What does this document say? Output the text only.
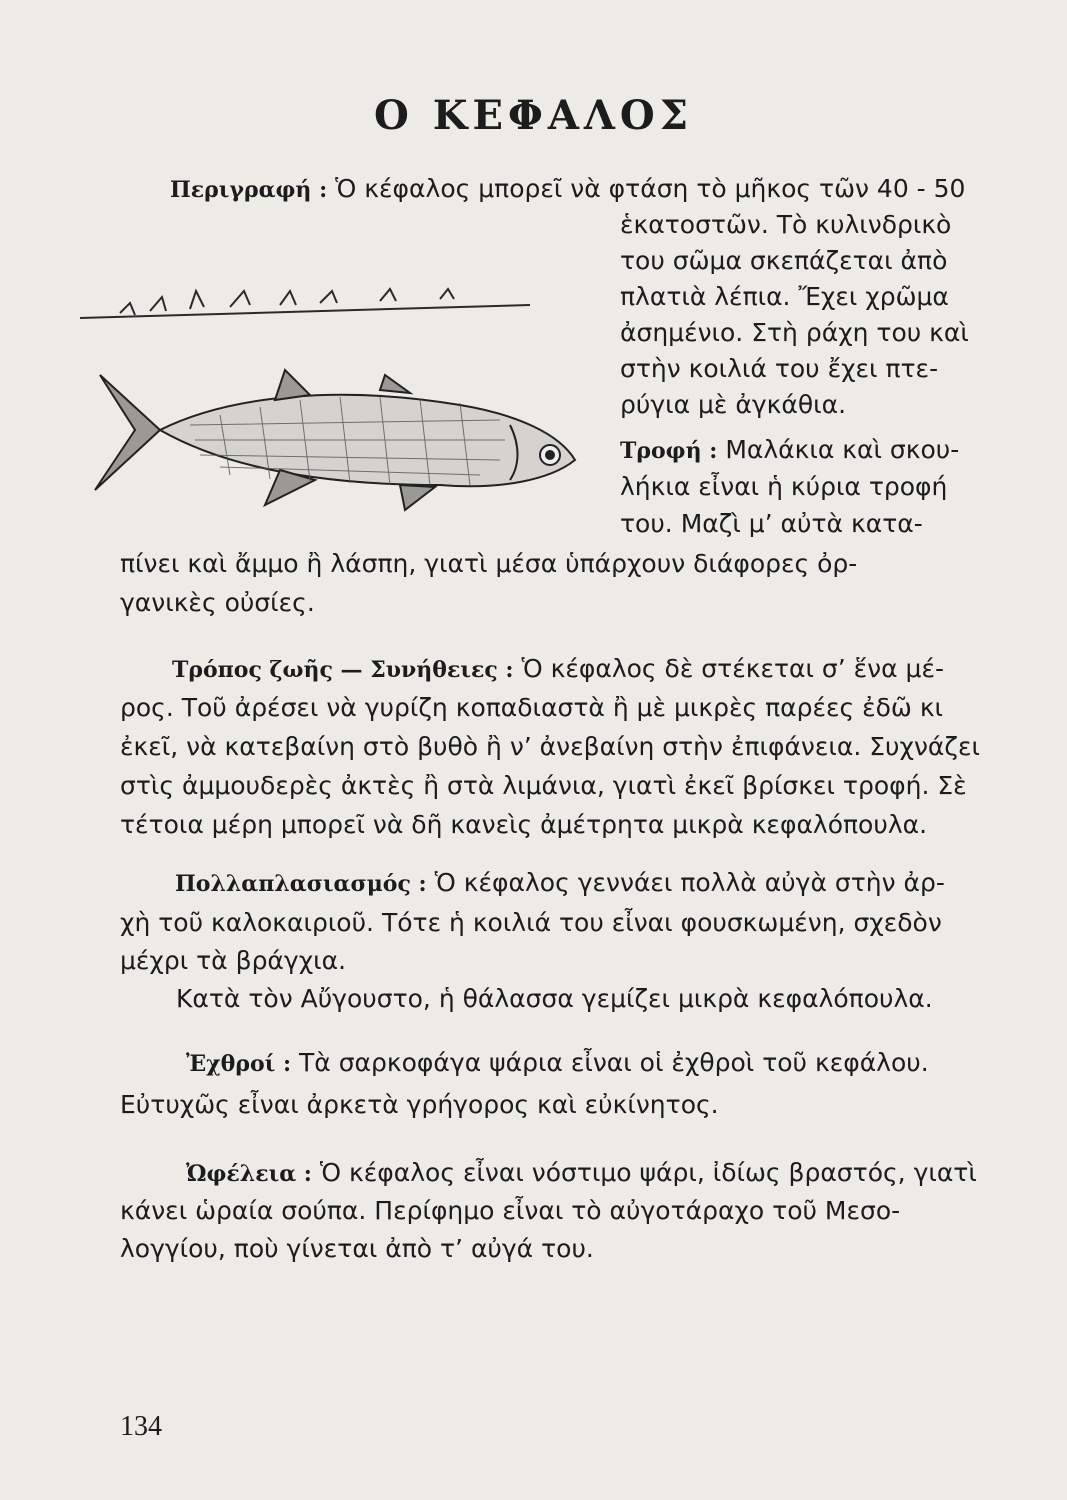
Ο ΚΕΦΑΛΟΣ
Περιγραφή : Ὁ κέφαλος μπορεῖ νὰ φτάση τὸ μῆκος τῶν 40 - 50
ἑκατοστῶν. Τὸ κυλινδρικὸ
του σῶμα σκεπάζεται ἀπὸ
πλατιὰ λέπια. Ἔχει χρῶμα
ἀσημένιο. Στὴ ράχη του καὶ
στὴν κοιλιά του ἔχει πτε-
ρύγια μὲ ἀγκάθια.
Τροφή : Μαλάκια καὶ σκου-
λήκια εἶναι ἡ κύρια τροφή
του. Μαζὶ μ’ αὐτὰ κατα-
πίνει καὶ ἄμμο ἢ λάσπη, γιατὶ μέσα ὑπάρχουν διάφορες ὀρ-
γανικὲς οὐσίες.
Τρόπος ζωῆς — Συνήθειες : Ὁ κέφαλος δὲ στέκεται σ’ ἕνα μέ-
ρος. Τοῦ ἀρέσει νὰ γυρίζη κοπαδιαστὰ ἢ μὲ μικρὲς παρέες ἐδῶ κι
ἐκεῖ, νὰ κατεβαίνη στὸ βυθὸ ἢ ν’ ἀνεβαίνη στὴν ἐπιφάνεια. Συχνάζει
στὶς ἀμμουδερὲς ἀκτὲς ἢ στὰ λιμάνια, γιατὶ ἐκεῖ βρίσκει τροφή. Σὲ
τέτοια μέρη μπορεῖ νὰ δῆ κανεὶς ἀμέτρητα μικρὰ κεφαλόπουλα.
Πολλαπλασιασμός : Ὁ κέφαλος γεννάει πολλὰ αὐγὰ στὴν ἀρ-
χὴ τοῦ καλοκαιριοῦ. Τότε ἡ κοιλιά του εἶναι φουσκωμένη, σχεδὸν
μέχρι τὰ βράγχια.
Κατὰ τὸν Αὔγουστο, ἡ θάλασσα γεμίζει μικρὰ κεφαλόπουλα.
Ἐχθροί : Τὰ σαρκοφάγα ψάρια εἶναι οἱ ἐχθροὶ τοῦ κεφάλου.
Εὐτυχῶς εἶναι ἀρκετὰ γρήγορος καὶ εὐκίνητος.
Ὠφέλεια : Ὁ κέφαλος εἶναι νόστιμο ψάρι, ἰδίως βραστός, γιατὶ
κάνει ὡραία σούπα. Περίφημο εἶναι τὸ αὐγοτάραχο τοῦ Μεσο-
λογγίου, ποὺ γίνεται ἀπὸ τ’ αὐγά του.
134
